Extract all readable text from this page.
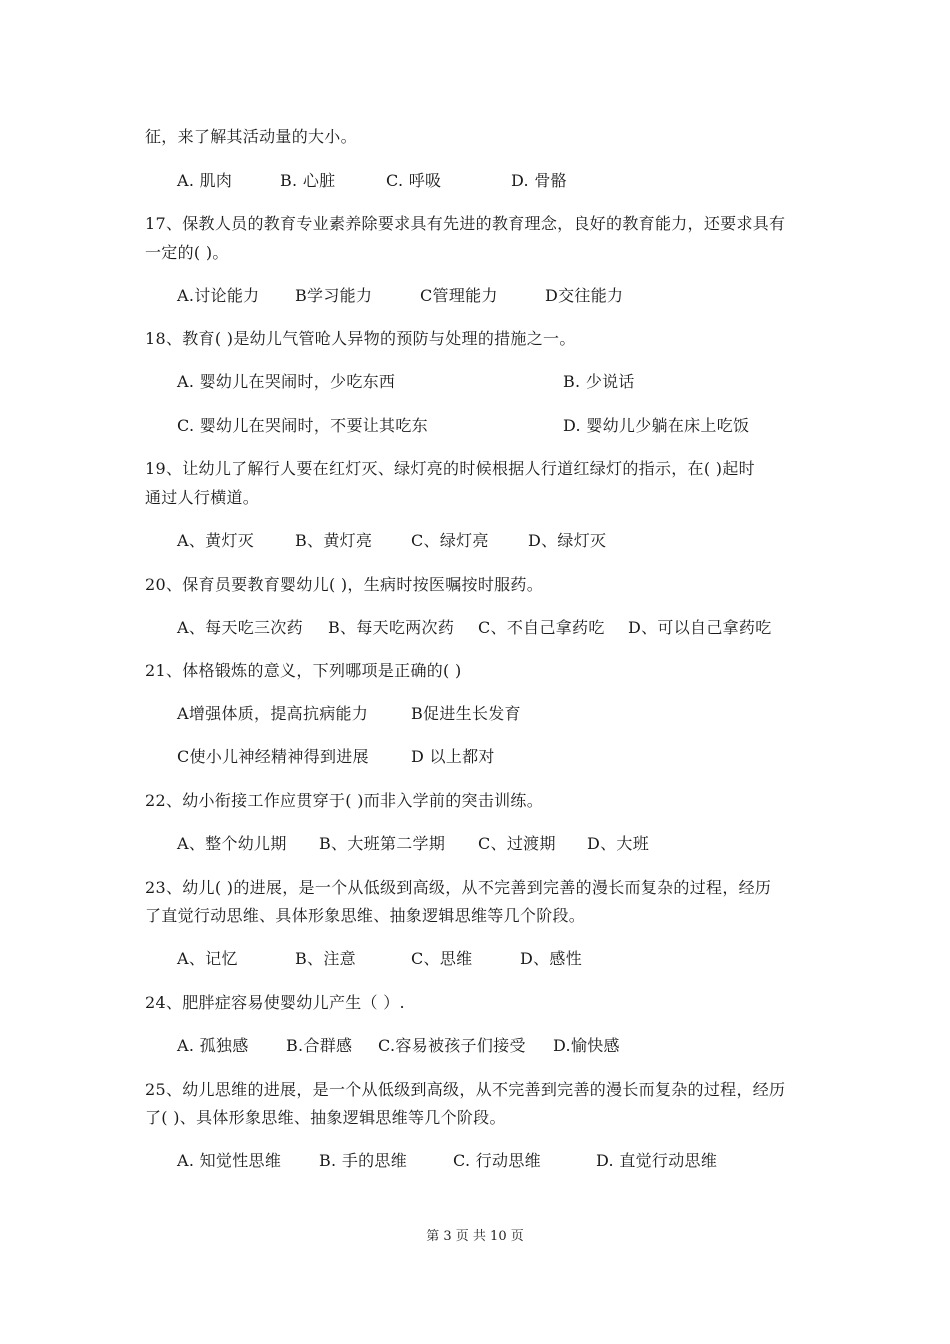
征，来了解其活动量的大小。
A. 肌肉	B. 心脏	C. 呼吸	D. 骨骼
17、保教人员的教育专业素养除要求具有先进的教育理念，良好的教育能力，还要求具有
一定的( )。
A.讨论能力 B学习能力	C管理能力	D交往能力
18、教育( )是幼儿气管呛人异物的预防与处理的措施之一。
A. 婴幼儿在哭闹时，少吃东西	B. 少说话
C. 婴幼儿在哭闹时，不要让其吃东	D. 婴幼儿少躺在床上吃饭
19、让幼儿了解行人要在红灯灭、绿灯亮的时候根据人行道红绿灯的指示，在( )起时
通过人行横道。
A、黄灯灭	B、黄灯亮 C、绿灯亮 D、绿灯灭
20、保育员要教育婴幼儿( )，生病时按医嘱按时服药。
A、每天吃三次药 B、每天吃两次药 C、不自己拿药吃 D、可以自己拿药吃
21、体格锻炼的意义，下列哪项是正确的( )
A增强体质，提高抗病能力	B促进生长发育
C使小儿神经精神得到进展	D 以上都对
22、幼小衔接工作应贯穿于( )而非入学前的突击训练。
A、整个幼儿期 B、大班第二学期 C、过渡期 D、大班
23、幼儿( )的进展，是一个从低级到高级，从不完善到完善的漫长而复杂的过程，经历
了直觉行动思维、具体形象思维、抽象逻辑思维等几个阶段。
A、记忆	B、注意	C、思维	D、感性
24、肥胖症容易使婴幼儿产生（ ）.
A. 孤独感 B.合群感 C.容易被孩子们接受 D.愉快感
25、幼儿思维的进展，是一个从低级到高级，从不完善到完善的漫长而复杂的过程，经历
了( )、具体形象思维、抽象逻辑思维等几个阶段。
A. 知觉性思维 B. 手的思维	C. 行动思维	D. 直觉行动思维
第 3 页 共 10 页
